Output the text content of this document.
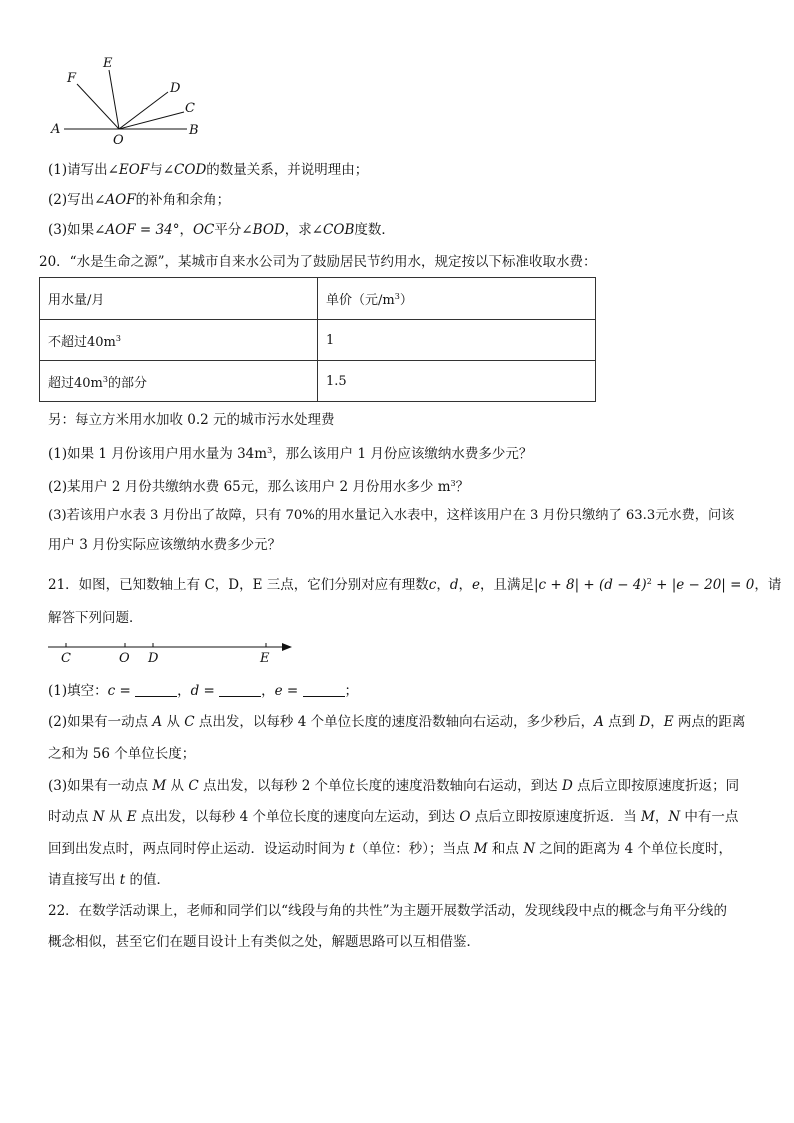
A
O
B
C
D
E
F
C	O D	E
(1)请写出∠EOF与∠COD的数量关系，并说明理由；
(2)写出∠AOF的补角和余角；
(3)如果∠AOF = 34°，OC平分∠BOD，求∠COB度数．
20．“水是生命之源”，某城市自来水公司为了鼓励居民节约用水，规定按以下标准收取水费：
用水量/月	单价（元$/m^3$）
不超过$40m^3$	1
超过$40m^3$的部分	1.5
另：每立方米用水加收 0.2 元的城市污水处理费
(1)如果 1 月份该用户用水量为 $34m^3$，那么该用户 1 月份应该缴纳水费多少元？
(2)某用户 2 月份共缴纳水费 65元，那么该用户 2 月份用水多少 $m^3$？
(3)若该用户水表 3 月份出了故障，只有 70%的用水量记入水表中，这样该用户在 3 月份只缴纳了 63.3元水费，问该
用户 3 月份实际应该缴纳水费多少元？
21．如图，已知数轴上有 C，D，E 三点，它们分别对应有理数c，d，e，且满足$|c + 8| + (d - 4)^2 + |e - 20| = 0$，请
解答下列问题．
(1)填空：c =	，d =	，e =	；
(2)如果有一动点 A 从 C 点出发，以每秒 4 个单位长度的速度沿数轴向右运动，多少秒后，A 点到 D，E 两点的距离
之和为 56 个单位长度；
(3)如果有一动点 M 从 C 点出发，以每秒 2 个单位长度的速度沿数轴向右运动，到达 D 点后立即按原速度折返；同
时动点 N 从 E 点出发，以每秒 4 个单位长度的速度向左运动，到达 O 点后立即按原速度折返．当 M，N 中有一点
回到出发点时，两点同时停止运动．设运动时间为 t（单位：秒）；当点 M 和点 N 之间的距离为 4 个单位长度时，
请直接写出 t 的值．
22．在数学活动课上，老师和同学们以“线段与角的共性”为主题开展数学活动，发现线段中点的概念与角平分线的
概念相似，甚至它们在题目设计上有类似之处，解题思路可以互相借鉴．
